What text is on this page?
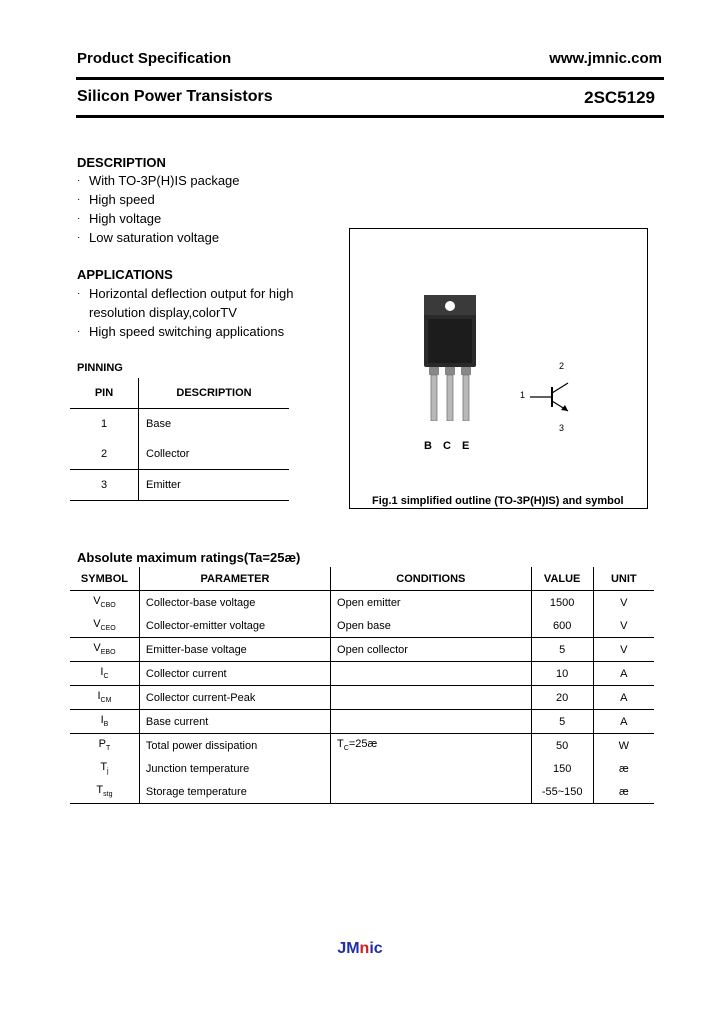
Product Specification	www.jmnic.com
Silicon Power Transistors	2SC5129
DESCRIPTION
· With TO-3P(H)IS package
· High speed
· High voltage
· Low saturation voltage
APPLICATIONS
· Horizontal deflection output for high
resolution display,colorTV
· High speed switching applications
PINNING
PIN	DESCRIPTION
1	Base
2	Collector
3	Emitter
B C E
1
2
3
Fig.1 simplified outline (TO-3P(H)IS) and symbol
Absolute maximum ratings(Ta=25æ)
SYMBOL	PARAMETER	CONDITIONS	VALUE	UNIT
$V_{CBO}$	Collector-base voltage	Open emitter	1500	V
$V_{CEO}$	Collector-emitter voltage	Open base	600	V
$V_{EBO}$	Emitter-base voltage	Open collector	5	V
$I_C$	Collector current		10	A
$I_{CM}$	Collector current-Peak		20	A
$I_B$	Base current		5	A
$P_T$	Total power dissipation	$T_C=25æ$	50	W
$T_j$	Junction temperature		150	æ
$T_{stg}$	Storage temperature		-55~150	æ
JMnic
